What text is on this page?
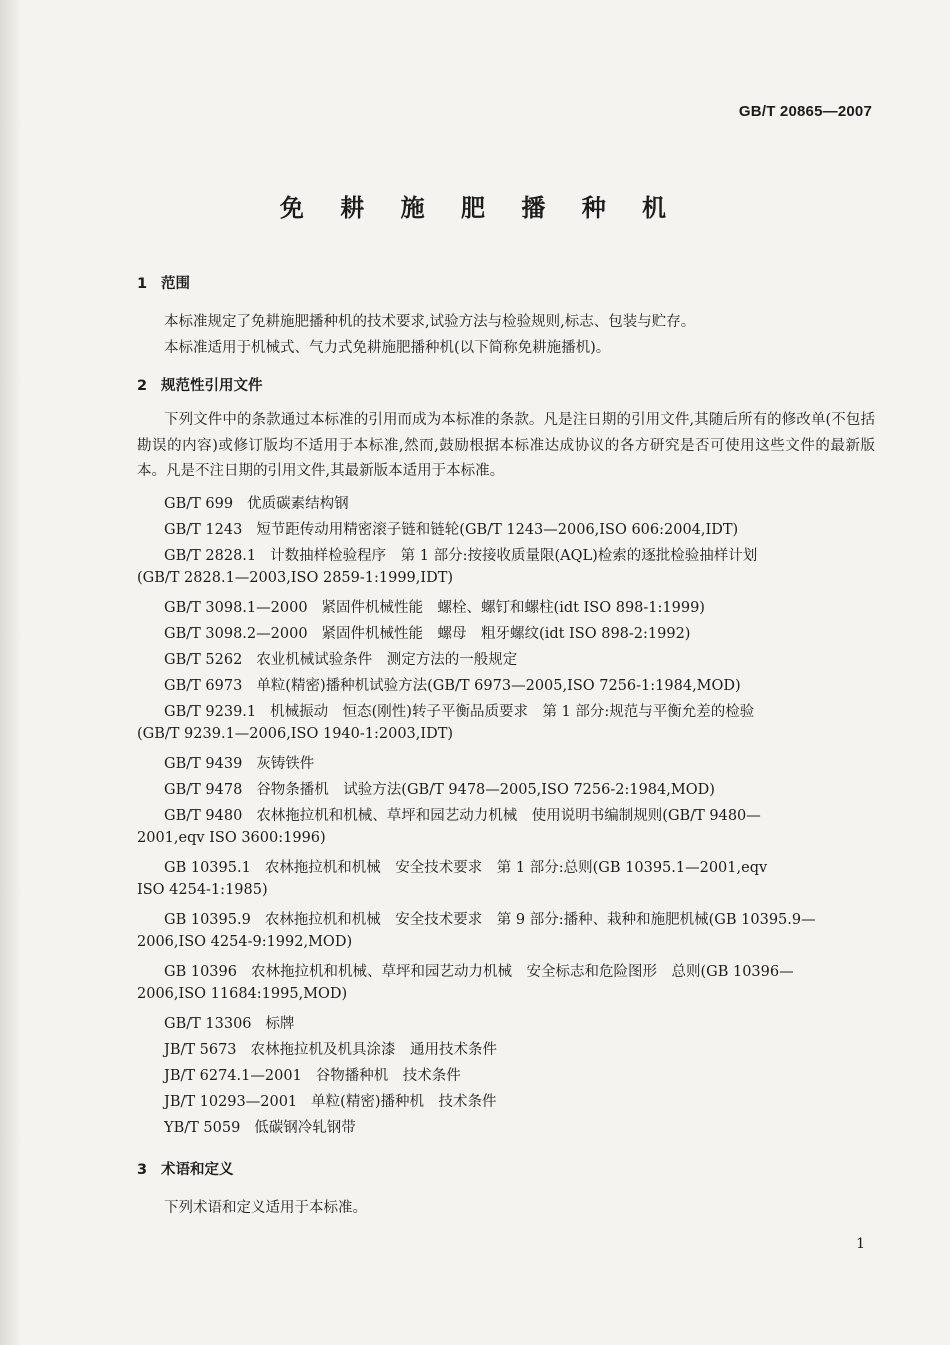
GB/T 20865—2007
免 耕 施 肥 播 种 机
1 范围
本标准规定了免耕施肥播种机的技术要求,试验方法与检验规则,标志、包装与贮存。
本标准适用于机械式、气力式免耕施肥播种机(以下简称免耕施播机)。
2 规范性引用文件
下列文件中的条款通过本标准的引用而成为本标准的条款。凡是注日期的引用文件,其随后所有的修改单(不包括勘误的内容)或修订版均不适用于本标准,然而,鼓励根据本标准达成协议的各方研究是否可使用这些文件的最新版本。凡是不注日期的引用文件,其最新版本适用于本标准。
GB/T 699 优质碳素结构钢
GB/T 1243 短节距传动用精密滚子链和链轮(GB/T 1243—2006,ISO 606:2004,IDT)
GB/T 2828.1 计数抽样检验程序　第 1 部分:按接收质量限(AQL)检索的逐批检验抽样计划
(GB/T 2828.1—2003,ISO 2859-1:1999,IDT)
GB/T 3098.1—2000 紧固件机械性能　螺栓、螺钉和螺柱(idt ISO 898-1:1999)
GB/T 3098.2—2000 紧固件机械性能　螺母　粗牙螺纹(idt ISO 898-2:1992)
GB/T 5262 农业机械试验条件　测定方法的一般规定
GB/T 6973 单粒(精密)播种机试验方法(GB/T 6973—2005,ISO 7256-1:1984,MOD)
GB/T 9239.1 机械振动　恒态(刚性)转子平衡品质要求　第 1 部分:规范与平衡允差的检验
(GB/T 9239.1—2006,ISO 1940-1:2003,IDT)
GB/T 9439 灰铸铁件
GB/T 9478 谷物条播机　试验方法(GB/T 9478—2005,ISO 7256-2:1984,MOD)
GB/T 9480 农林拖拉机和机械、草坪和园艺动力机械　使用说明书编制规则(GB/T 9480—
2001,eqv ISO 3600:1996)
GB 10395.1 农林拖拉机和机械　安全技术要求　第 1 部分:总则(GB 10395.1—2001,eqv
ISO 4254-1:1985)
GB 10395.9 农林拖拉机和机械　安全技术要求　第 9 部分:播种、栽种和施肥机械(GB 10395.9—
2006,ISO 4254-9:1992,MOD)
GB 10396 农林拖拉机和机械、草坪和园艺动力机械　安全标志和危险图形　总则(GB 10396—
2006,ISO 11684:1995,MOD)
GB/T 13306 标牌
JB/T 5673 农林拖拉机及机具涂漆　通用技术条件
JB/T 6274.1—2001 谷物播种机　技术条件
JB/T 10293—2001 单粒(精密)播种机　技术条件
YB/T 5059 低碳钢冷轧钢带
3 术语和定义
下列术语和定义适用于本标准。
1
